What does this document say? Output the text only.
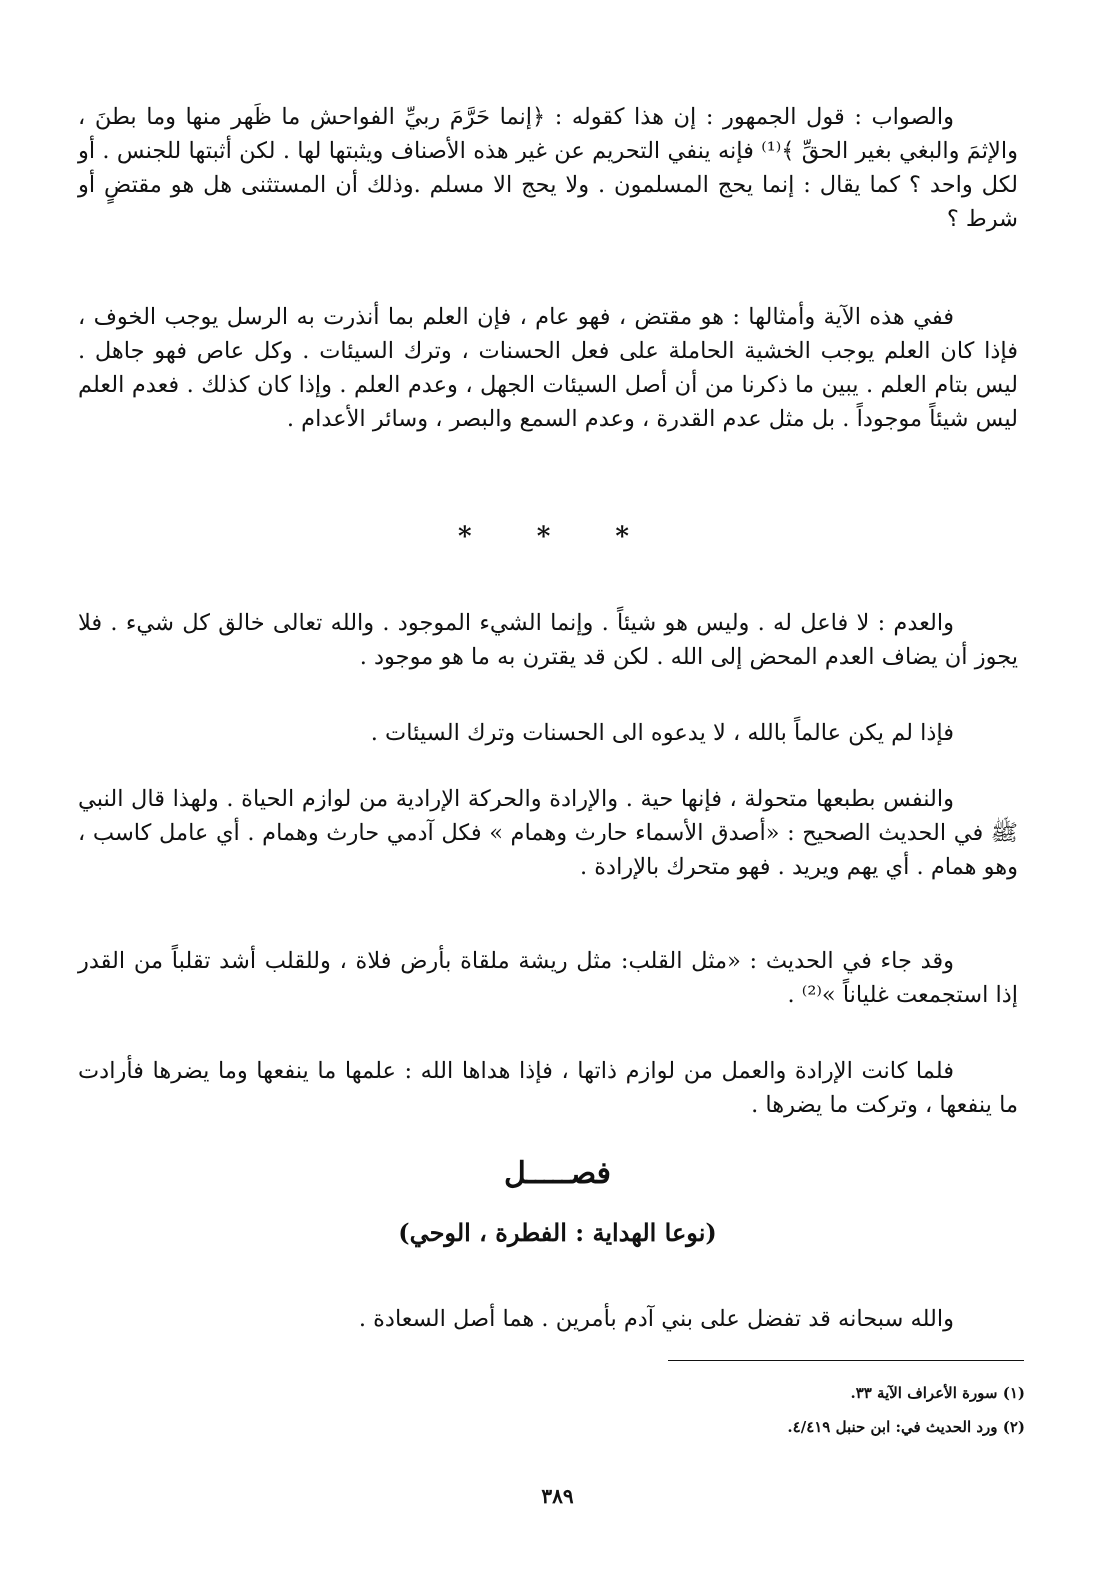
والصواب : قول الجمهور : إن هذا كقوله : ﴿إنما حَرَّمَ ربيِّ الفواحش ما ظَهر منها وما بطنَ ، والإثمَ والبغي بغير الحقِّ ﴾⁽¹⁾ فإنه ينفي التحريم عن غير هذه الأصناف ويثبتها لها . لكن أثبتها للجنس . أو لكل واحد ؟ كما يقال : إنما يحج المسلمون . ولا يحج الا مسلم .وذلك أن المستثنى هل هو مقتضٍ أو شرط ؟

ففي هذه الآية وأمثالها : هو مقتض ، فهو عام ، فإن العلم بما أنذرت به الرسل يوجب الخوف ، فإذا كان العلم يوجب الخشية الحاملة على فعل الحسنات ، وترك السيئات . وكل عاص فهو جاهل . ليس بتام العلم . يبين ما ذكرنا من أن أصل السيئات الجهل ، وعدم العلم . وإذا كان كذلك . فعدم العلم ليس شيئاً موجوداً . بل مثل عدم القدرة ، وعدم السمع والبصر ، وسائر الأعدام .

* * *

والعدم : لا فاعل له . وليس هو شيئاً . وإنما الشيء الموجود . والله تعالى خالق كل شيء . فلا يجوز أن يضاف العدم المحض إلى الله . لكن قد يقترن به ما هو موجود .

فإذا لم يكن عالماً بالله ، لا يدعوه الى الحسنات وترك السيئات .

والنفس بطبعها متحولة ، فإنها حية . والإرادة والحركة الإرادية من لوازم الحياة . ولهذا قال النبي ﷺ في الحديث الصحيح : «أصدق الأسماء حارث وهمام » فكل آدمي حارث وهمام . أي عامل كاسب ، وهو همام . أي يهم ويريد . فهو متحرك بالإرادة .

وقد جاء في الحديث : «مثل القلب: مثل ريشة ملقاة بأرض فلاة ، وللقلب أشد تقلباً من القدر إذا استجمعت غلياناً »⁽²⁾ .

فلما كانت الإرادة والعمل من لوازم ذاتها ، فإذا هداها الله : علمها ما ينفعها وما يضرها فأرادت ما ينفعها ، وتركت ما يضرها .

فصـــــل
(نوعا الهداية : الفطرة ، الوحي)

والله سبحانه قد تفضل على بني آدم بأمرين . هما أصل السعادة .

(١) سورة الأعراف الآية ٣٣.

(٢) ورد الحديث في: ابن حنبل ٤/٤١٩.

٣٨٩
